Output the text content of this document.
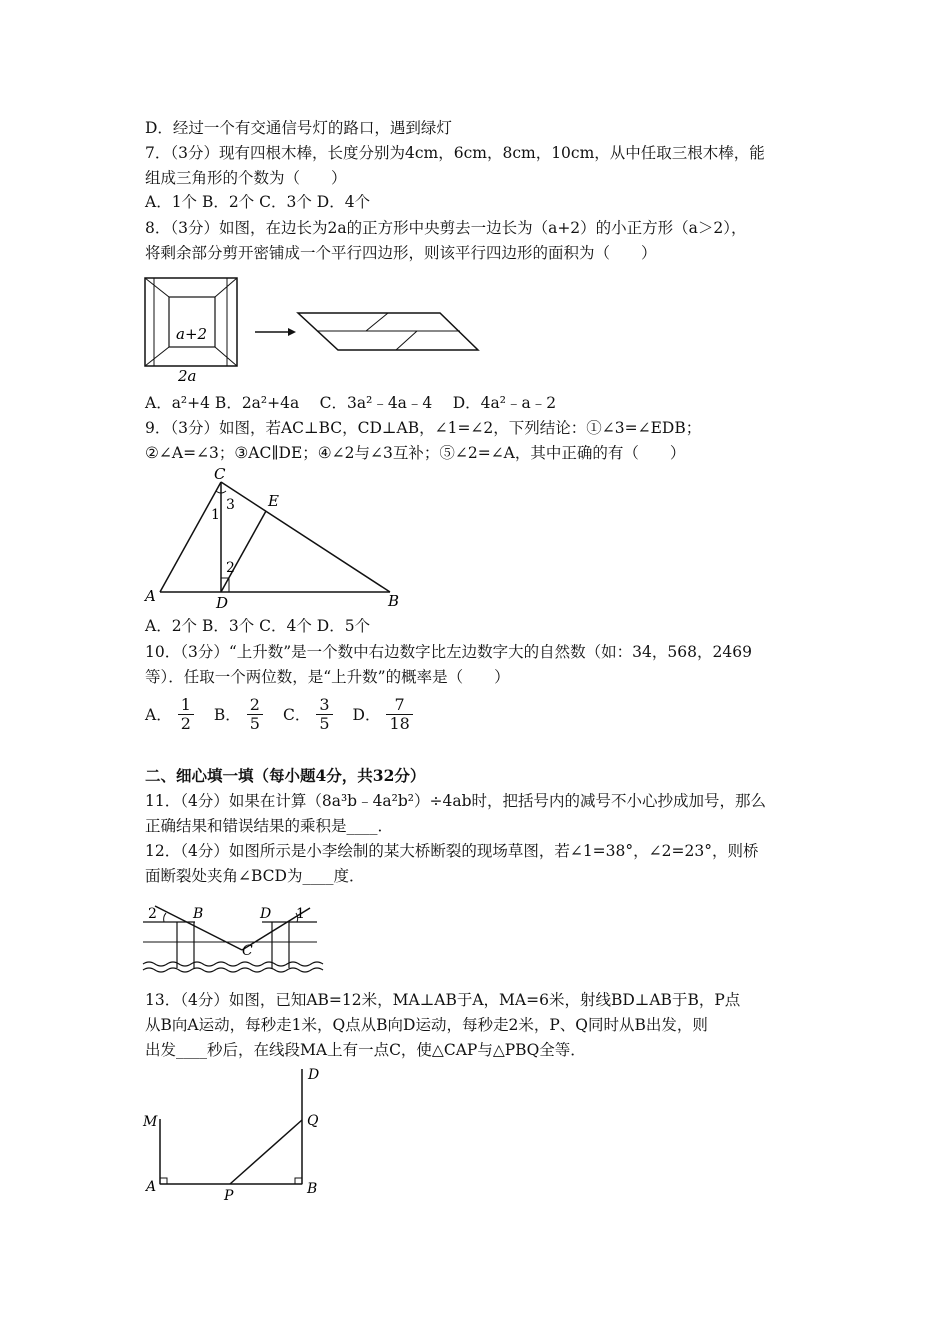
D．经过一个有交通信号灯的路口，遇到绿灯
7．（3分）现有四根木棒，长度分别为4cm，6cm，8cm，10cm，从中任取三根木棒，能
组成三角形的个数为（　　）
A．1个 B．2个 C．3个 D．4个
8．（3分）如图，在边长为2a的正方形中央剪去一边长为（a+2）的小正方形（a＞2），
将剩余部分剪开密铺成一个平行四边形，则该平行四边形的面积为（　　）
a+2
2a
A．a²+4 B．2a²+4a　 C．3a²﹣4a﹣4　 D．4a²﹣a﹣2
9．（3分）如图，若AC⊥BC，CD⊥AB，∠1=∠2，下列结论：①∠3=∠EDB；
②∠A=∠3；③AC∥DE；④∠2与∠3互补；⑤∠2=∠A，其中正确的有（　　）
C
E
1
3
2
A	D	B
A．2个 B．3个 C．4个 D．5个
10．（3分）“上升数”是一个数中右边数字比左边数字大的自然数（如：34，568，2469
等）．任取一个两位数，是“上升数”的概率是（　　）
A． $\frac{1}{2}$ B． $\frac{2}{5}$ C． $\frac{3}{5}$ D． $\frac{7}{18}$
二、细心填一填（每小题4分，共32分）
11．（4分）如果在计算（8a³b﹣4a²b²）÷4ab时，把括号内的减号不小心抄成加号，那么
正确结果和错误结果的乘积是____．
12．（4分）如图所示是小李绘制的某大桥断裂的现场草图，若∠1=38°，∠2=23°，则桥
面断裂处夹角∠BCD为____度．
2	B	D 1
C
13．（4分）如图，已知AB=12米，MA⊥AB于A，MA=6米，射线BD⊥AB于B，P点
从B向A运动，每秒走1米，Q点从B向D运动，每秒走2米，P、Q同时从B出发，则
出发____秒后，在线段MA上有一点C，使△CAP与△PBQ全等．
D
M	Q
A
P	B
